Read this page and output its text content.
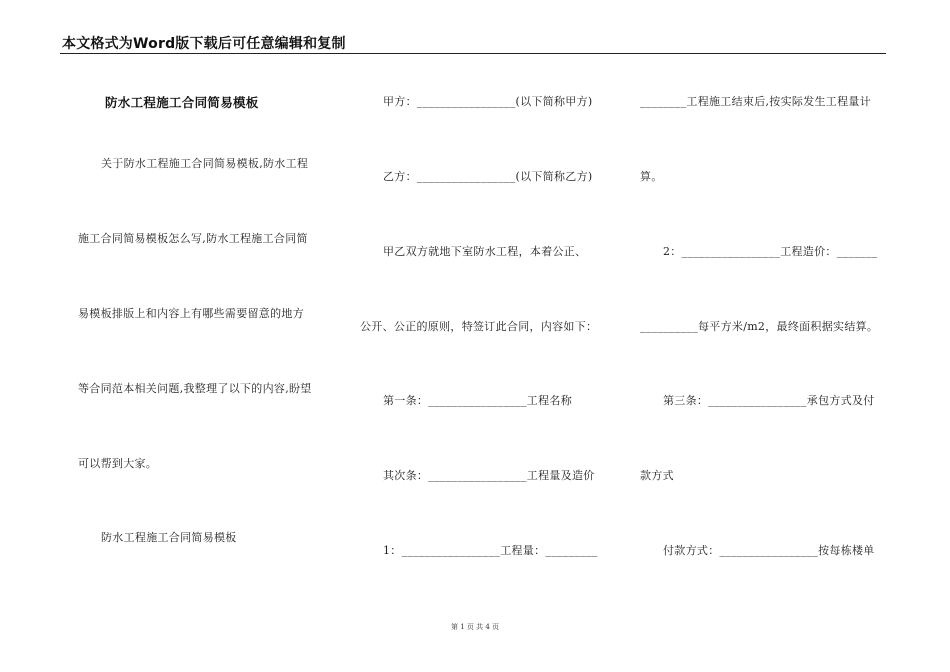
本文格式为Word版下载后可任意编辑和复制
防水工程施工合同简易模板
关于防水工程施工合同简易模板,防水工程
施工合同简易模板怎么写,防水工程施工合同简
易模板排版上和内容上有哪些需要留意的地方
等合同范本相关问题,我整理了以下的内容,盼望
可以帮到大家。
防水工程施工合同简易模板
甲方：_________________(以下简称甲方)
乙方：_________________(以下简称乙方)
甲乙双方就地下室防水工程，本着公正、
公开、公正的原则，特签订此合同，内容如下：
第一条：_________________工程名称
其次条：_________________工程量及造价
1：_________________工程量：_________
________工程施工结束后,按实际发生工程量计
算。
2：_________________工程造价：_______
__________每平方米/m2，最终面积据实结算。
第三条：_________________承包方式及付
款方式
付款方式：_________________按每栋楼单
第 1 页 共 4 页
